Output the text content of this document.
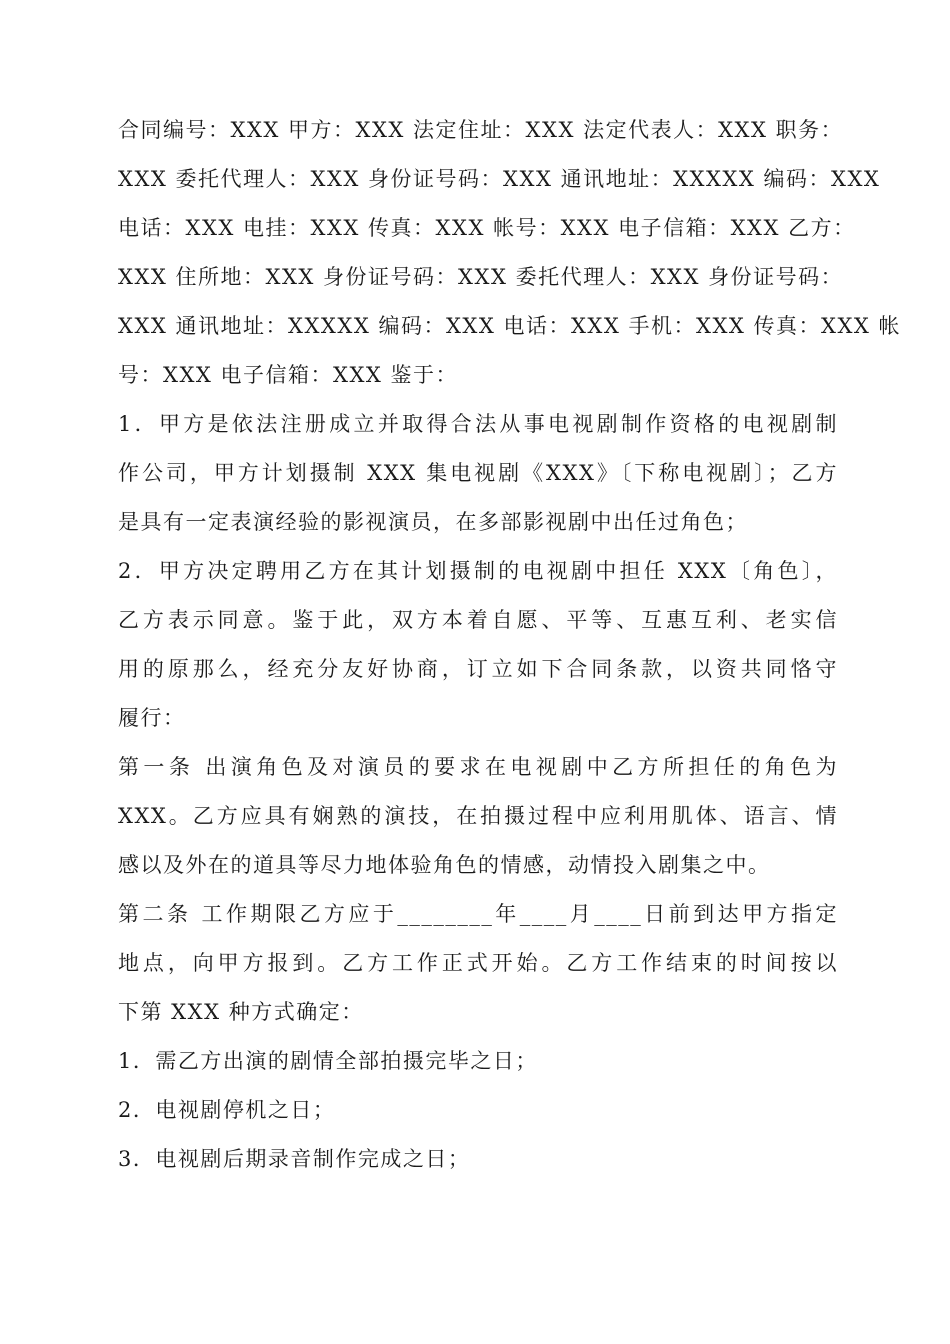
合同编号：XXX 甲方：XXX 法定住址：XXX 法定代表人：XXX 职务：
XXX 委托代理人：XXX 身份证号码：XXX 通讯地址：XXXXX 编码：XXX
电话：XXX 电挂：XXX 传真：XXX 帐号：XXX 电子信箱：XXX 乙方：
XXX 住所地：XXX 身份证号码：XXX 委托代理人：XXX 身份证号码：
XXX 通讯地址：XXXXX 编码：XXX 电话：XXX 手机：XXX 传真：XXX 帐
号：XXX 电子信箱：XXX 鉴于：
1．甲方是依法注册成立并取得合法从事电视剧制作资格的电视剧制
作公司，甲方计划摄制 XXX 集电视剧《XXX》〔下称电视剧〕；乙方
是具有一定表演经验的影视演员，在多部影视剧中出任过角色；
2．甲方决定聘用乙方在其计划摄制的电视剧中担任 XXX〔角色〕，
乙方表示同意。鉴于此，双方本着自愿、平等、互惠互利、老实信
用的原那么，经充分友好协商，订立如下合同条款，以资共同恪守
履行：
第一条 出演角色及对演员的要求在电视剧中乙方所担任的角色为
XXX。乙方应具有娴熟的演技，在拍摄过程中应利用肌体、语言、情
感以及外在的道具等尽力地体验角色的情感，动情投入剧集之中。
第二条 工作期限乙方应于________年____月____日前到达甲方指定
地点，向甲方报到。乙方工作正式开始。乙方工作结束的时间按以
下第 XXX 种方式确定：
1．需乙方出演的剧情全部拍摄完毕之日；
2．电视剧停机之日；
3．电视剧后期录音制作完成之日；
